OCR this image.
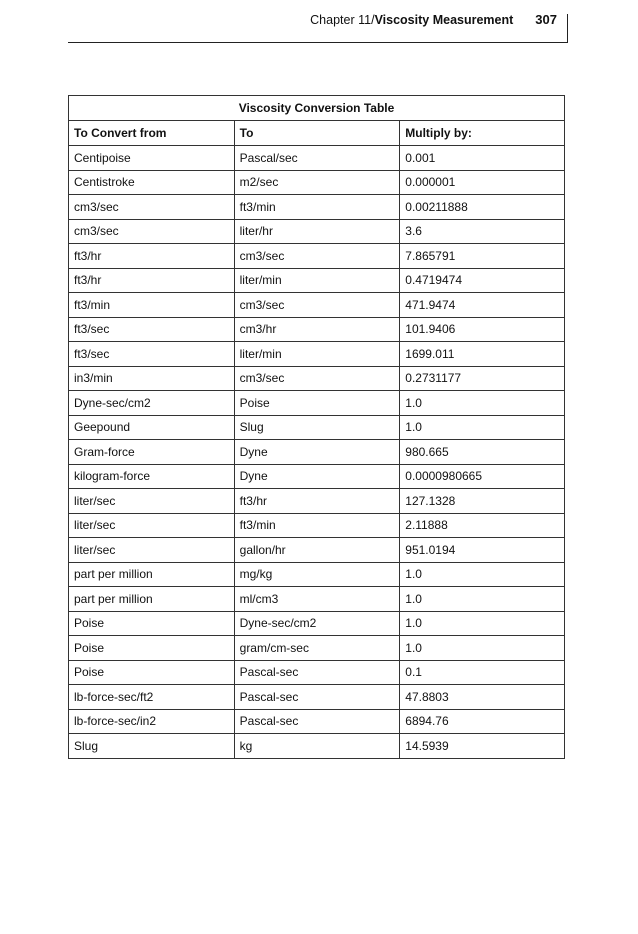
Chapter 11/Viscosity Measurement 307
Viscosity Conversion Table		
To Convert from	To	Multiply by:
Centipoise	Pascal/sec	0.001
Centistroke	m2/sec	0.000001
cm3/sec	ft3/min	0.00211888
cm3/sec	liter/hr	3.6
ft3/hr	cm3/sec	7.865791
ft3/hr	liter/min	0.4719474
ft3/min	cm3/sec	471.9474
ft3/sec	cm3/hr	101.9406
ft3/sec	liter/min	1699.011
in3/min	cm3/sec	0.2731177
Dyne-sec/cm2	Poise	1.0
Geepound	Slug	1.0
Gram-force	Dyne	980.665
kilogram-force	Dyne	0.0000980665
liter/sec	ft3/hr	127.1328
liter/sec	ft3/min	2.11888
liter/sec	gallon/hr	951.0194
part per million	mg/kg	1.0
part per million	ml/cm3	1.0
Poise	Dyne-sec/cm2	1.0
Poise	gram/cm-sec	1.0
Poise	Pascal-sec	0.1
lb-force-sec/ft2	Pascal-sec	47.8803
lb-force-sec/in2	Pascal-sec	6894.76
Slug	kg	14.5939
